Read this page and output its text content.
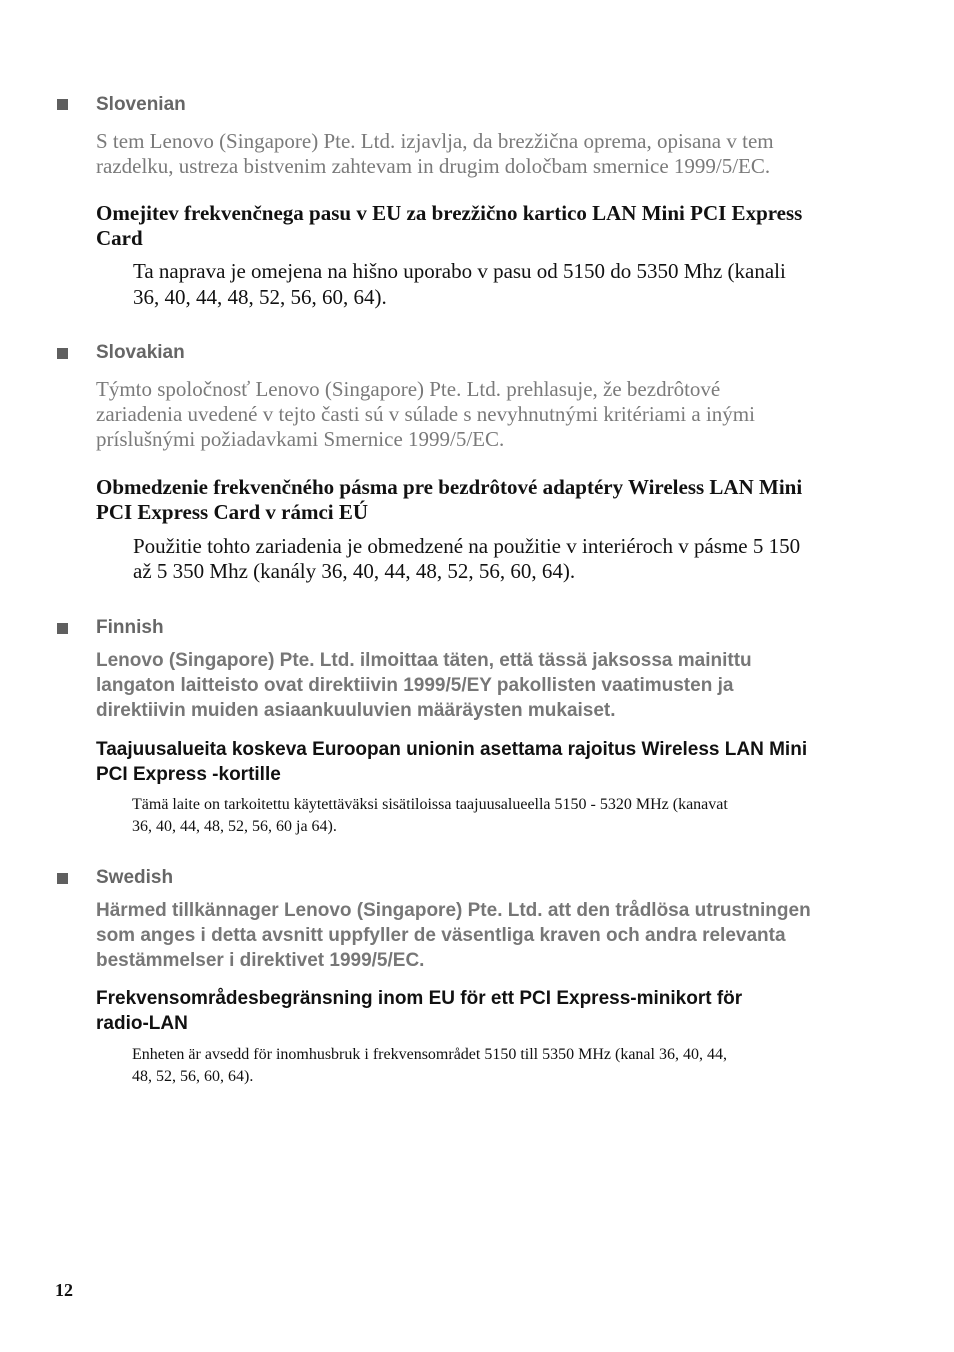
Slovenian
S tem Lenovo (Singapore) Pte. Ltd. izjavlja, da brezžična oprema, opisana v tem
razdelku, ustreza bistvenim zahtevam in drugim določbam smernice 1999/5/EC.
Omejitev frekvenčnega pasu v EU za brezžično kartico LAN Mini PCI Express
Card
Ta naprava je omejena na hišno uporabo v pasu od 5150 do 5350 Mhz (kanali
36, 40, 44, 48, 52, 56, 60, 64).
Slovakian
Týmto spoločnosť Lenovo (Singapore) Pte. Ltd. prehlasuje, že bezdrôtové
zariadenia uvedené v tejto časti sú v súlade s nevyhnutnými kritériami a inými
príslušnými požiadavkami Smernice 1999/5/EC.
Obmedzenie frekvenčného pásma pre bezdrôtové adaptéry Wireless LAN Mini
PCI Express Card v rámci EÚ
Použitie tohto zariadenia je obmedzené na použitie v interiéroch v pásme 5 150
až 5 350 Mhz (kanály 36, 40, 44, 48, 52, 56, 60, 64).
Finnish
Lenovo (Singapore) Pte. Ltd. ilmoittaa täten, että tässä jaksossa mainittu
langaton laitteisto ovat direktiivin 1999/5/EY pakollisten vaatimusten ja
direktiivin muiden asiaankuuluvien määräysten mukaiset.
Taajuusalueita koskeva Euroopan unionin asettama rajoitus Wireless LAN Mini
PCI Express -kortille
Tämä laite on tarkoitettu käytettäväksi sisätiloissa taajuusalueella 5150 - 5320 MHz (kanavat
36, 40, 44, 48, 52, 56, 60 ja 64).
Swedish
Härmed tillkännager Lenovo (Singapore) Pte. Ltd. att den trådlösa utrustningen
som anges i detta avsnitt uppfyller de väsentliga kraven och andra relevanta
bestämmelser i direktivet 1999/5/EC.
Frekvensområdesbegränsning inom EU för ett PCI Express-minikort för
radio-LAN
Enheten är avsedd för inomhusbruk i frekvensområdet 5150 till 5350 MHz (kanal 36, 40, 44,
48, 52, 56, 60, 64).
12
